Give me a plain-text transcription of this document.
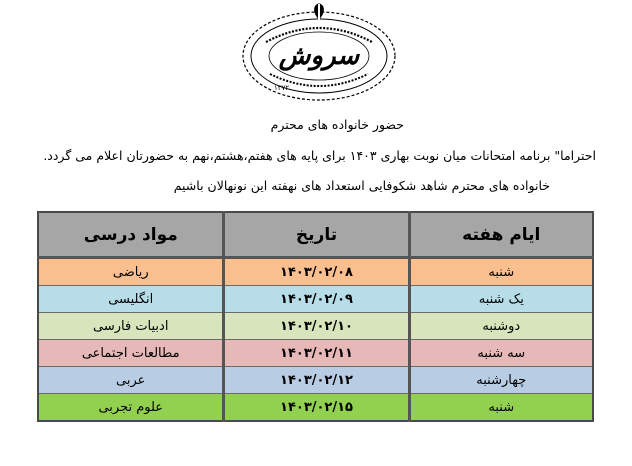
سروش
۱۳۷۲
حضور خانواده های محترم
احتراما" برنامه امتحانات میان نوبت بهاری ۱۴۰۳ برای پایه های هفتم،هشتم،نهم به حضورتان اعلام می گردد.
خانواده های محترم شاهد شکوفایی استعداد های نهفته این نونهالان باشیم
ایام هفته	تاریخ	مواد درسی
شنبه	۱۴۰۳/۰۲/۰۸	ریاضی
یک شنبه	۱۴۰۳/۰۲/۰۹	انگلیسی
دوشنبه	۱۴۰۳/۰۲/۱۰	ادبیات فارسی
سه شنبه	۱۴۰۳/۰۲/۱۱	مطالعات اجتماعی
چهارشنبه	۱۴۰۳/۰۲/۱۲	عربی
شنبه	۱۴۰۳/۰۲/۱۵	علوم تجربی
